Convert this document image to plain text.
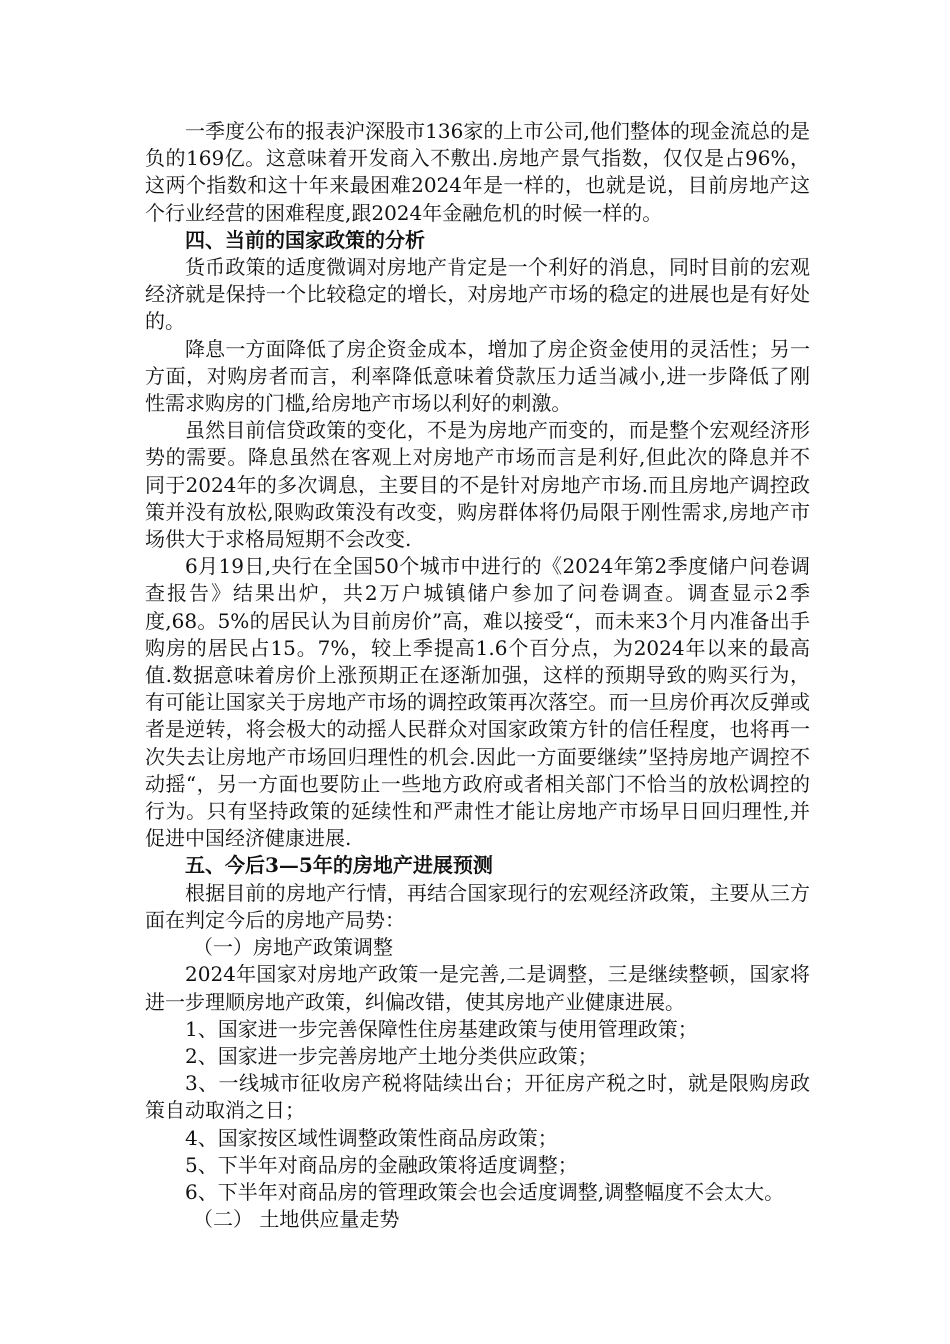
一季度公布的报表沪深股市136家的上市公司,他们整体的现金流总的是负的169亿。这意味着开发商入不敷出.房地产景气指数，仅仅是占96%，这两个指数和这十年来最困难2024年是一样的，也就是说，目前房地产这个行业经营的困难程度,跟2024年金融危机的时候一样的。

四、当前的国家政策的分析

货币政策的适度微调对房地产肯定是一个利好的消息，同时目前的宏观经济就是保持一个比较稳定的增长，对房地产市场的稳定的进展也是有好处的。

降息一方面降低了房企资金成本，增加了房企资金使用的灵活性；另一方面，对购房者而言，利率降低意味着贷款压力适当减小,进一步降低了刚性需求购房的门槛,给房地产市场以利好的刺激。

虽然目前信贷政策的变化，不是为房地产而变的，而是整个宏观经济形势的需要。降息虽然在客观上对房地产市场而言是利好,但此次的降息并不同于2024年的多次调息，主要目的不是针对房地产市场.而且房地产调控政策并没有放松,限购政策没有改变，购房群体将仍局限于刚性需求,房地产市场供大于求格局短期不会改变.

6月19日,央行在全国50个城市中进行的《2024年第2季度储户问卷调查报告》结果出炉，共2万户城镇储户参加了问卷调查。调查显示2季度,68。5%的居民认为目前房价”高，难以接受“，而未来3个月内准备出手购房的居民占15。7%，较上季提高1.6个百分点，为2024年以来的最高值.数据意味着房价上涨预期正在逐渐加强，这样的预期导致的购买行为，有可能让国家关于房地产市场的调控政策再次落空。而一旦房价再次反弹或者是逆转，将会极大的动摇人民群众对国家政策方针的信任程度，也将再一次失去让房地产市场回归理性的机会.因此一方面要继续”坚持房地产调控不动摇“，另一方面也要防止一些地方政府或者相关部门不恰当的放松调控的行为。只有坚持政策的延续性和严肃性才能让房地产市场早日回归理性,并促进中国经济健康进展.

五、今后3—5年的房地产进展预测

根据目前的房地产行情，再结合国家现行的宏观经济政策，主要从三方面在判定今后的房地产局势：

（一）房地产政策调整

2024年国家对房地产政策一是完善,二是调整，三是继续整顿，国家将进一步理顺房地产政策，纠偏改错，使其房地产业健康进展。

1、国家进一步完善保障性住房基建政策与使用管理政策；

2、国家进一步完善房地产土地分类供应政策；

3、一线城市征收房产税将陆续出台；开征房产税之时，就是限购房政策自动取消之日；

4、国家按区域性调整政策性商品房政策；

5、下半年对商品房的金融政策将适度调整；

6、下半年对商品房的管理政策会也会适度调整,调整幅度不会太大。

（二） 土地供应量走势
